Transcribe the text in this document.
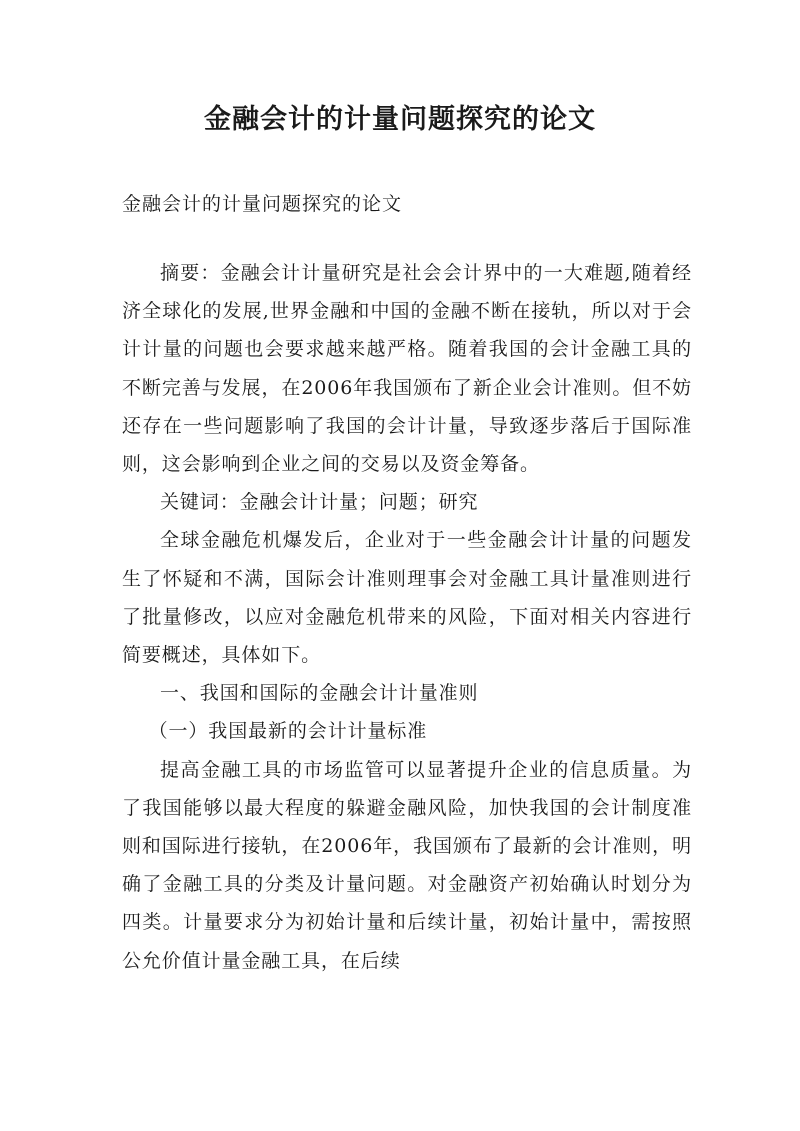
金融会计的计量问题探究的论文

金融会计的计量问题探究的论文

摘要：金融会计计量研究是社会会计界中的一大难题,随着经济全球化的发展,世界金融和中国的金融不断在接轨，所以对于会计计量的问题也会要求越来越严格。随着我国的会计金融工具的不断完善与发展，在2006年我国颁布了新企业会计准则。但不妨还存在一些问题影响了我国的会计计量，导致逐步落后于国际准则，这会影响到企业之间的交易以及资金筹备。

关键词：金融会计计量；问题；研究

全球金融危机爆发后，企业对于一些金融会计计量的问题发生了怀疑和不满，国际会计准则理事会对金融工具计量准则进行了批量修改，以应对金融危机带来的风险，下面对相关内容进行简要概述，具体如下。

一、我国和国际的金融会计计量准则

（一）我国最新的会计计量标准

提高金融工具的市场监管可以显著提升企业的信息质量。为了我国能够以最大程度的躲避金融风险，加快我国的会计制度准则和国际进行接轨，在2006年，我国颁布了最新的会计准则，明确了金融工具的分类及计量问题。对金融资产初始确认时划分为四类。计量要求分为初始计量和后续计量，初始计量中，需按照公允价值计量金融工具，在后续
